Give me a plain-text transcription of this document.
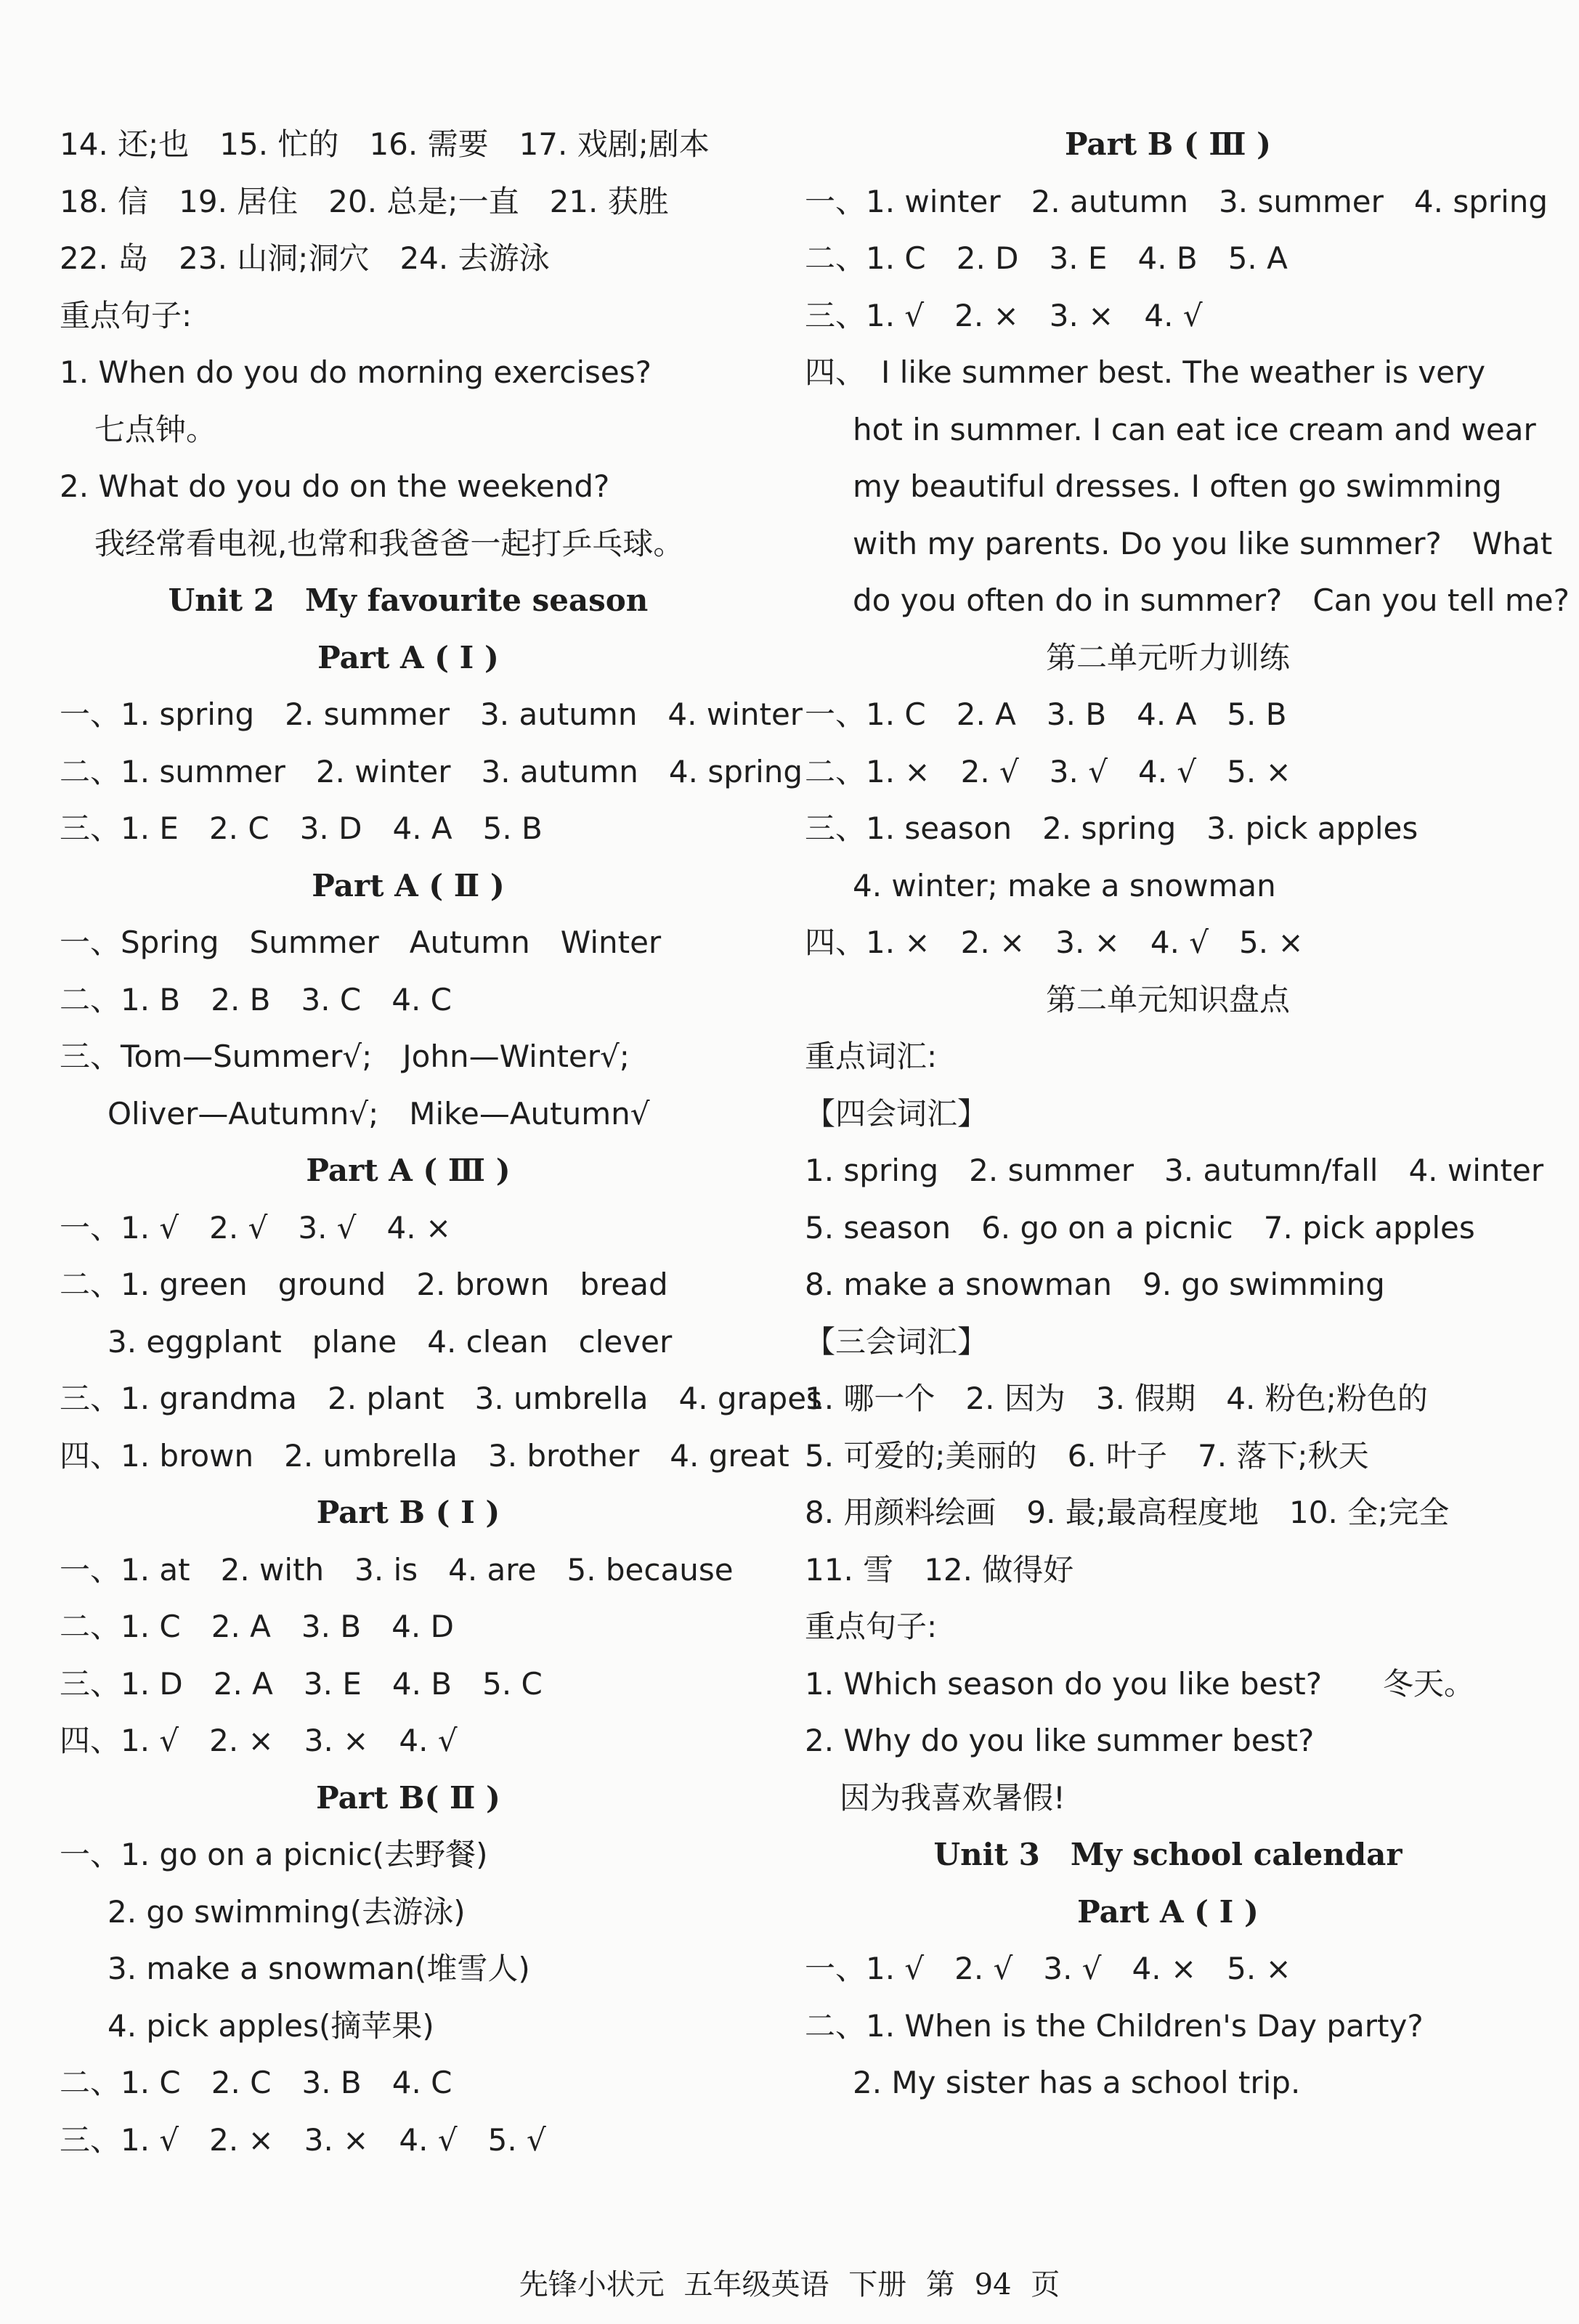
14. 还;也　15. 忙的　16. 需要　17. 戏剧;剧本
18. 信　19. 居住　20. 总是;一直　21. 获胜
22. 岛　23. 山洞;洞穴　24. 去游泳
重点句子:
1. When do you do morning exercises?
七点钟。
2. What do you do on the weekend?
我经常看电视,也常和我爸爸一起打乒乓球。
Unit 2　My favourite season
Part A ( Ⅰ )
一、1. spring　2. summer　3. autumn　4. winter
二、1. summer　2. winter　3. autumn　4. spring
三、1. E　2. C　3. D　4. A　5. B
Part A ( Ⅱ )
一、Spring　Summer　Autumn　Winter
二、1. B　2. B　3. C　4. C
三、Tom—Summer√;　John—Winter√;
Oliver—Autumn√;　Mike—Autumn√
Part A ( Ⅲ )
一、1. √　2. √　3. √　4. ×
二、1. green　ground　2. brown　bread
3. eggplant　plane　4. clean　clever
三、1. grandma　2. plant　3. umbrella　4. grapes
四、1. brown　2. umbrella　3. brother　4. great
Part B ( Ⅰ )
一、1. at　2. with　3. is　4. are　5. because
二、1. C　2. A　3. B　4. D
三、1. D　2. A　3. E　4. B　5. C
四、1. √　2. ×　3. ×　4. √
Part B( Ⅱ )
一、1. go on a picnic(去野餐)
2. go swimming(去游泳)
3. make a snowman(堆雪人)
4. pick apples(摘苹果)
二、1. C　2. C　3. B　4. C
三、1. √　2. ×　3. ×　4. √　5. √
Part B ( Ⅲ )
一、1. winter　2. autumn　3. summer　4. spring
二、1. C　2. D　3. E　4. B　5. A
三、1. √　2. ×　3. ×　4. √
四、　I like summer best. The weather is very
hot in summer. I can eat ice cream and wear
my beautiful dresses. I often go swimming
with my parents. Do you like summer?　What
do you often do in summer?　Can you tell me?
第二单元听力训练
一、1. C　2. A　3. B　4. A　5. B
二、1. ×　2. √　3. √　4. √　5. ×
三、1. season　2. spring　3. pick apples
4. winter; make a snowman
四、1. ×　2. ×　3. ×　4. √　5. ×
第二单元知识盘点
重点词汇:
【四会词汇】
1. spring　2. summer　3. autumn/fall　4. winter
5. season　6. go on a picnic　7. pick apples
8. make a snowman　9. go swimming
【三会词汇】
1. 哪一个　2. 因为　3. 假期　4. 粉色;粉色的
5. 可爱的;美丽的　6. 叶子　7. 落下;秋天
8. 用颜料绘画　9. 最;最高程度地　10. 全;完全
11. 雪　12. 做得好
重点句子:
1. Which season do you like best?　　冬天。
2. Why do you like summer best?
因为我喜欢暑假!
Unit 3　My school calendar
Part A ( Ⅰ )
一、1. √　2. √　3. √　4. ×　5. ×
二、1. When is the Children's Day party?
2. My sister has a school trip.
先锋小状元 五年级英语 下册 第 94 页
